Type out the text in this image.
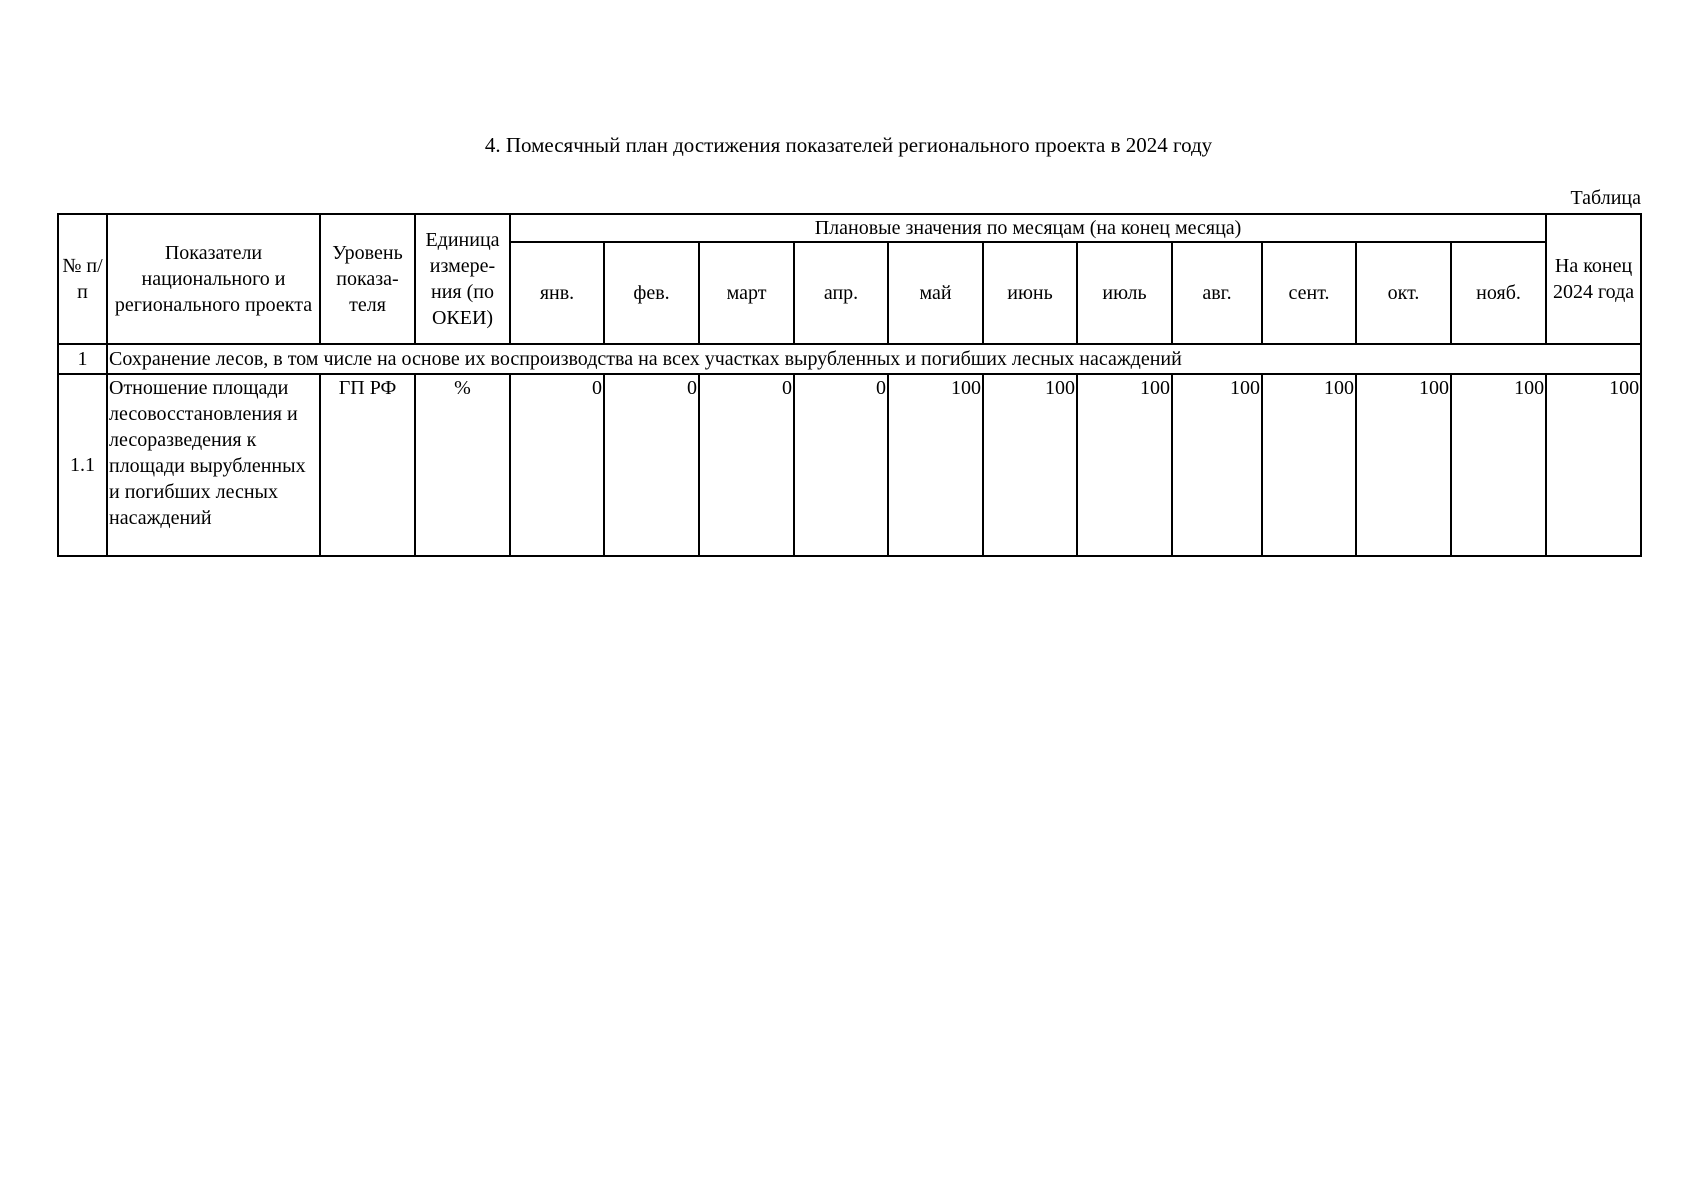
4. Помесячный план достижения показателей регионального проекта в 2024 году
Таблица
№ п/п	Показатели национального и регионального проекта	Уровень показа- теля	Единица измере- ния (по ОКЕИ)	Плановые значения по месяцам (на конец месяца)											На конец 2024 года
				янв.	фев.	март	апр.	май	июнь	июль	авг.	сент.	окт.	нояб.	
1	Сохранение лесов, в том числе на основе их воспроизводства на всех участках вырубленных и погибших лесных насаждений														
1.1	Отношение площади лесовосстановления и лесоразведения к площади вырубленных и погибших лесных насаждений	ГП РФ	%	0	0	0	0	100	100	100	100	100	100	100	100
